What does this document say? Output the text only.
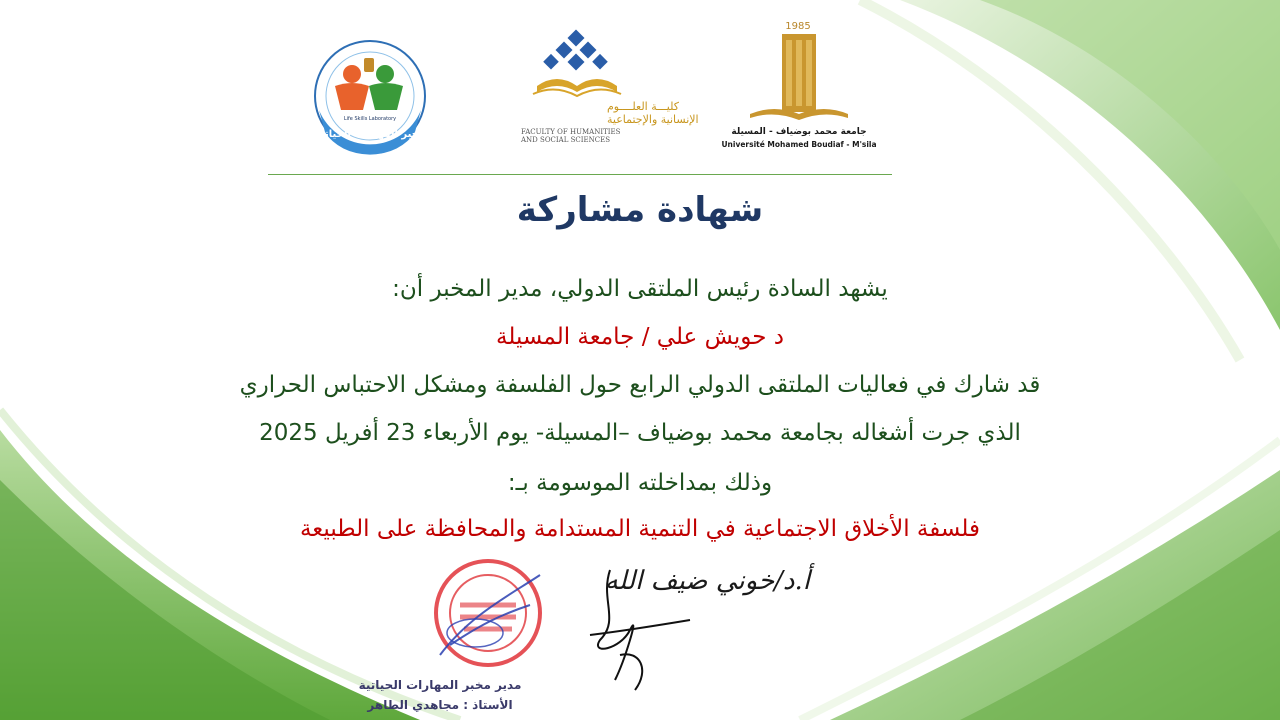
Life Skills Laboratory
مخبر المهارات الحياتية
كليـــة العلــــوم
الإنسانية والإجتماعية
FACULTY OF HUMANITIES
AND SOCIAL SCIENCES
1985
جامعة محمد بوضياف - المسيلة
Université Mohamed Boudiaf - M'sila
شهادة مشاركة
يشهد السادة رئيس الملتقى الدولي، مدير المخبر أن:
د حويش علي / جامعة المسيلة
قد شارك في فعاليات الملتقى الدولي الرابع حول الفلسفة ومشكل الاحتباس الحراري
الذي جرت أشغاله بجامعة محمد بوضياف –المسيلة- يوم الأربعاء 23 أفريل 2025
وذلك بمداخلته الموسومة بـ:
فلسفة الأخلاق الاجتماعية في التنمية المستدامة والمحافظة على الطبيعة
مدير مخبر المهارات الحياتية
الأستاذ : مجاهدي الطاهر
أ.د/خوني ضيف الله
